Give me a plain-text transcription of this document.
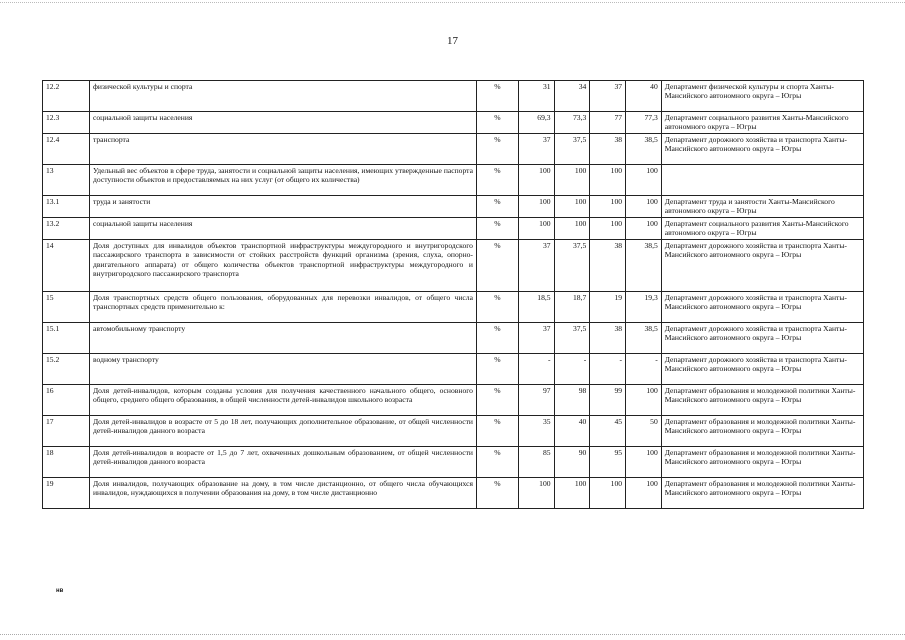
17
12.2	физической культуры и спорта	%	31	34	37	40	Департамент физической культуры и спорта Ханты-Мансийского автономного округа – Югры
12.3	социальной защиты населения	%	69,3	73,3	77	77,3	Департамент социального развития Ханты-Мансийского автономного округа – Югры
12.4	транспорта	%	37	37,5	38	38,5	Департамент дорожного хозяйства и транспорта Ханты-Мансийского автономного округа – Югры
13	Удельный вес объектов в сфере труда, занятости и социальной защиты населения, имеющих утвержденные паспорта доступности объектов и предоставляемых на них услуг (от общего их количества)	%	100	100	100	100	
13.1	труда и занятости	%	100	100	100	100	Департамент труда и занятости Ханты-Мансийского автономного округа – Югры
13.2	социальной защиты населения	%	100	100	100	100	Департамент социального развития Ханты-Мансийского автономного округа – Югры
14	Доля доступных для инвалидов объектов транспортной инфраструктуры междугородного и внутригородского пассажирского транспорта в зависимости от стойких расстройств функций организма (зрения, слуха, опорно-двигательного аппарата) от общего количества объектов транспортной инфраструктуры междугородного и внутригородского пассажирского транспорта	%	37	37,5	38	38,5	Департамент дорожного хозяйства и транспорта Ханты-Мансийского автономного округа – Югры
15	Доля транспортных средств общего пользования, оборудованных для перевозки инвалидов, от общего числа транспортных средств применительно к:	%	18,5	18,7	19	19,3	Департамент дорожного хозяйства и транспорта Ханты-Мансийского автономного округа – Югры
15.1	автомобильному транспорту	%	37	37,5	38	38,5	Департамент дорожного хозяйства и транспорта Ханты-Мансийского автономного округа – Югры
15.2	водному транспорту	%	-	-	-	-	Департамент дорожного хозяйства и транспорта Ханты-Мансийского автономного округа – Югры
16	Доля детей-инвалидов, которым созданы условия для получения качественного начального общего, основного общего, среднего общего образования, в общей численности детей-инвалидов школьного возраста	%	97	98	99	100	Департамент образования и молодежной политики Ханты-Мансийского автономного округа – Югры
17	Доля детей-инвалидов в возрасте от 5 до 18 лет, получающих дополнительное образование, от общей численности детей-инвалидов данного возраста	%	35	40	45	50	Департамент образования и молодежной политики Ханты-Мансийского автономного округа – Югры
18	Доля детей-инвалидов в возрасте от 1,5 до 7 лет, охваченных дошкольным образованием, от общей численности детей-инвалидов данного возраста	%	85	90	95	100	Департамент образования и молодежной политики Ханты-Мансийского автономного округа – Югры
19	Доля инвалидов, получающих образование на дому, в том числе дистанционно, от общего числа обучающихся инвалидов, нуждающихся в получении образования на дому, в том числе дистанционно	%	100	100	100	100	Департамент образования и молодежной политики Ханты-Мансийского автономного округа – Югры
нв
